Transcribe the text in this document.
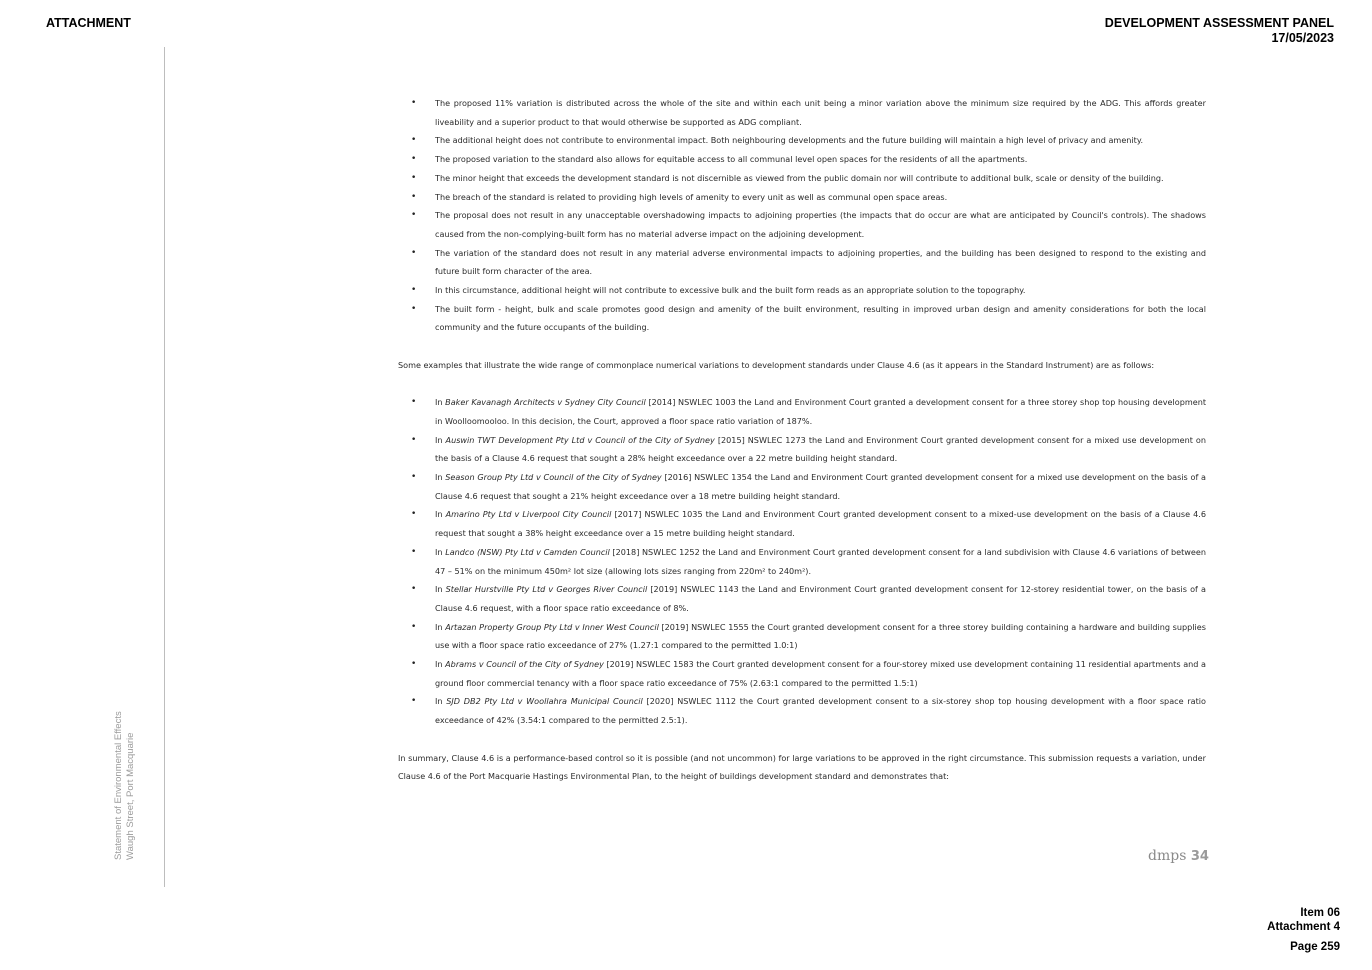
ATTACHMENT	DEVELOPMENT ASSESSMENT PANEL
17/05/2023
Statement of Environmental Effects Waugh Street, Port Macquarie
• The proposed 11% variation is distributed across the whole of the site and within each unit being a minor variation above the minimum size required by the ADG. This affords greater liveability and a superior product to that would otherwise be supported as ADG compliant.
• The additional height does not contribute to environmental impact. Both neighbouring developments and the future building will maintain a high level of privacy and amenity.
• The proposed variation to the standard also allows for equitable access to all communal level open spaces for the residents of all the apartments.
• The minor height that exceeds the development standard is not discernible as viewed from the public domain nor will contribute to additional bulk, scale or density of the building.
• The breach of the standard is related to providing high levels of amenity to every unit as well as communal open space areas.
• The proposal does not result in any unacceptable overshadowing impacts to adjoining properties (the impacts that do occur are what are anticipated by Council's controls). The shadows caused from the non-complying-built form has no material adverse impact on the adjoining development.
• The variation of the standard does not result in any material adverse environmental impacts to adjoining properties, and the building has been designed to respond to the existing and future built form character of the area.
• In this circumstance, additional height will not contribute to excessive bulk and the built form reads as an appropriate solution to the topography.
• The built form - height, bulk and scale promotes good design and amenity of the built environment, resulting in improved urban design and amenity considerations for both the local community and the future occupants of the building.

Some examples that illustrate the wide range of commonplace numerical variations to development standards under Clause 4.6 (as it appears in the Standard Instrument) are as follows:

• In Baker Kavanagh Architects v Sydney City Council [2014] NSWLEC 1003 the Land and Environment Court granted a development consent for a three storey shop top housing development in Woolloomooloo. In this decision, the Court, approved a floor space ratio variation of 187%.
• In Auswin TWT Development Pty Ltd v Council of the City of Sydney [2015] NSWLEC 1273 the Land and Environment Court granted development consent for a mixed use development on the basis of a Clause 4.6 request that sought a 28% height exceedance over a 22 metre building height standard.
• In Season Group Pty Ltd v Council of the City of Sydney [2016] NSWLEC 1354 the Land and Environment Court granted development consent for a mixed use development on the basis of a Clause 4.6 request that sought a 21% height exceedance over a 18 metre building height standard.
• In Amarino Pty Ltd v Liverpool City Council [2017] NSWLEC 1035 the Land and Environment Court granted development consent to a mixed-use development on the basis of a Clause 4.6 request that sought a 38% height exceedance over a 15 metre building height standard.
• In Landco (NSW) Pty Ltd v Camden Council [2018] NSWLEC 1252 the Land and Environment Court granted development consent for a land subdivision with Clause 4.6 variations of between 47 – 51% on the minimum 450m² lot size (allowing lots sizes ranging from 220m² to 240m²).
• In Stellar Hurstville Pty Ltd v Georges River Council [2019] NSWLEC 1143 the Land and Environment Court granted development consent for 12-storey residential tower, on the basis of a Clause 4.6 request, with a floor space ratio exceedance of 8%.
• In Artazan Property Group Pty Ltd v Inner West Council [2019] NSWLEC 1555 the Court granted development consent for a three storey building containing a hardware and building supplies use with a floor space ratio exceedance of 27% (1.27:1 compared to the permitted 1.0:1)
• In Abrams v Council of the City of Sydney [2019] NSWLEC 1583 the Court granted development consent for a four-storey mixed use development containing 11 residential apartments and a ground floor commercial tenancy with a floor space ratio exceedance of 75% (2.63:1 compared to the permitted 1.5:1)
• In SJD DB2 Pty Ltd v Woollahra Municipal Council [2020] NSWLEC 1112 the Court granted development consent to a six-storey shop top housing development with a floor space ratio exceedance of 42% (3.54:1 compared to the permitted 2.5:1).

In summary, Clause 4.6 is a performance-based control so it is possible (and not uncommon) for large variations to be approved in the right circumstance. This submission requests a variation, under Clause 4.6 of the Port Macquarie Hastings Environmental Plan, to the height of buildings development standard and demonstrates that:

dmps 34
Item 06
Attachment 4
Page 259
